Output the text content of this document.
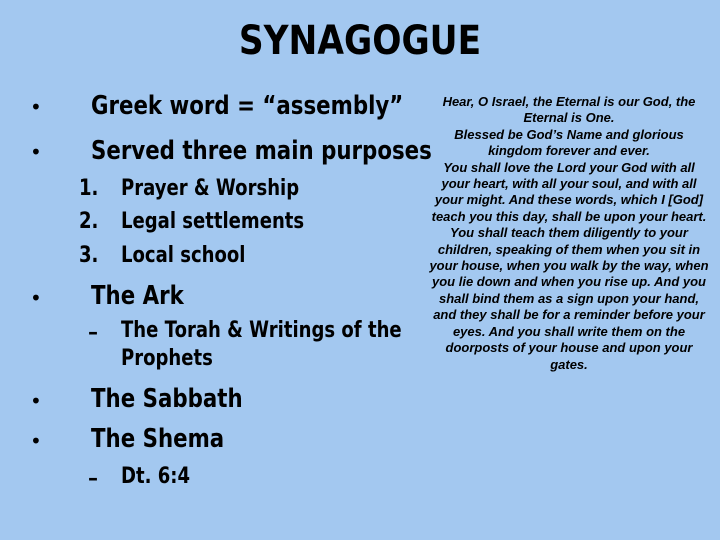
SYNAGOGUE
• Greek word = “assembly”
• Served three main purposes
1. Prayer & Worship
2. Legal settlements
3. Local school
• The Ark
– The Torah & Writings of the
Prophets
• The Sabbath
• The Shema
– Dt. 6:4

Hear, O Israel, the Eternal is our God, the Eternal is One.

Blessed be God’s Name and glorious kingdom forever and ever.

You shall love the Lord your God with all your heart, with all your soul, and with all your might. And these words, which I [God] teach you this day, shall be upon your heart. You shall teach them diligently to your children, speaking of them when you sit in your house, when you walk by the way, when you lie down and when you rise up. And you shall bind them as a sign upon your hand, and they shall be for a reminder before your eyes. And you shall write them on the doorposts of your house and upon your gates.
